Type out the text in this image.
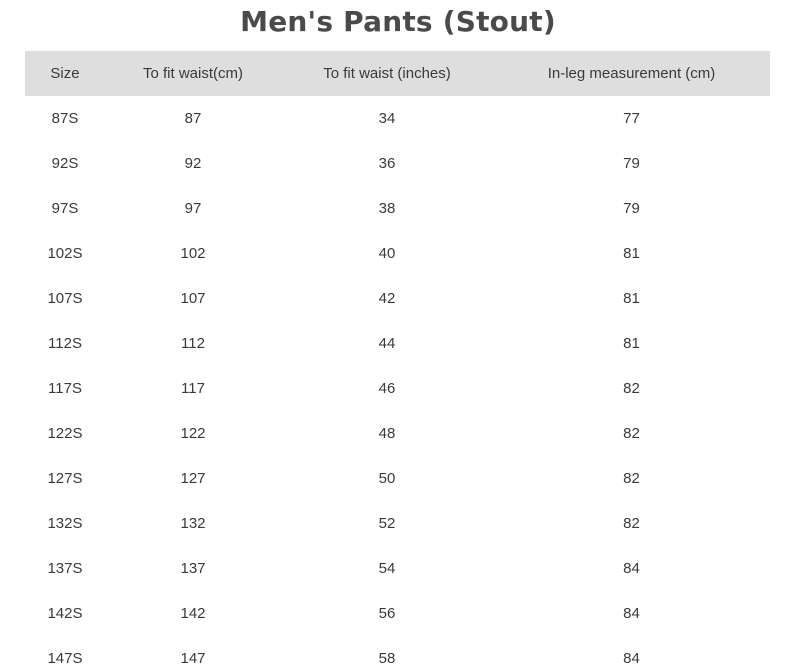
Men's Pants (Stout)
Size	To fit waist(cm)	To fit waist (inches)	In-leg measurement (cm)
87S	87	34	77
92S	92	36	79
97S	97	38	79
102S	102	40	81
107S	107	42	81
112S	112	44	81
117S	117	46	82
122S	122	48	82
127S	127	50	82
132S	132	52	82
137S	137	54	84
142S	142	56	84
147S	147	58	84
